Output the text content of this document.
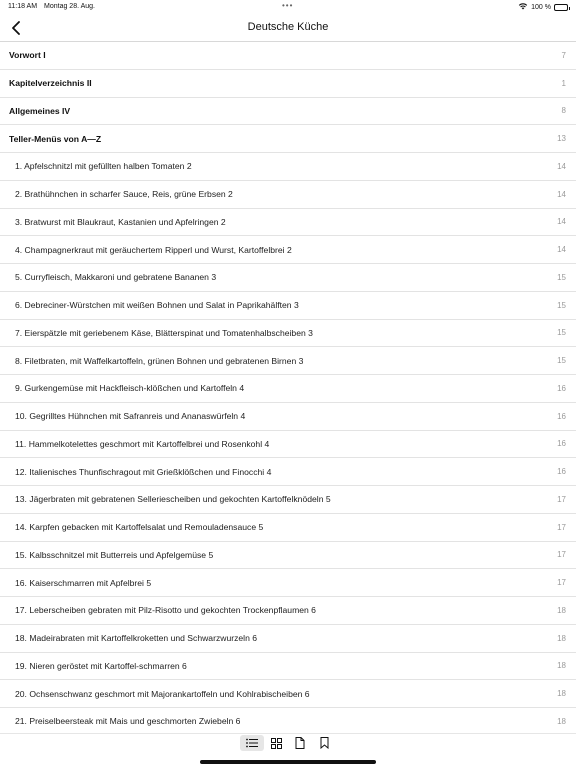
11:18 AM Montag 28. Aug.	•••	100 %
Deutsche Küche
Vorwort I	7
Kapitelverzeichnis II	1
Allgemeines IV	8
Teller-Menüs von A—Z	13
1. Apfelschnitzl mit gefüllten halben Tomaten 2	14
2. Brathühnchen in scharfer Sauce, Reis, grüne Erbsen 2	14
3. Bratwurst mit Blaukraut, Kastanien und Apfelringen 2	14
4. Champagnerkraut mit geräuchertem Ripperl und Wurst, Kartoffelbrei 2	14
5. Curryfleisch, Makkaroni und gebratene Bananen 3	15
6. Debreciner-Würstchen mit weißen Bohnen und Salat in Paprikahälften 3	15
7. Eierspätzle mit geriebenem Käse, Blätterspinat und Tomatenhalbscheiben 3	15
8. Filetbraten, mit Waffelkartoffeln, grünen Bohnen und gebratenen Birnen 3	15
9. Gurkengemüse mit Hackfleisch-klößchen und Kartoffeln 4	16
10. Gegrilltes Hühnchen mit Safranreis und Ananaswürfeln 4	16
11. Hammelkotelettes geschmort mit Kartoffelbrei und Rosenkohl 4	16
12. Italienisches Thunfischragout mit Grießklößchen und Finocchi 4	16
13. Jägerbraten mit gebratenen Selleriescheiben und gekochten Kartoffelknödeln 5	17
14. Karpfen gebacken mit Kartoffelsalat und Remouladensauce 5	17
15. Kalbsschnitzel mit Butterreis und Apfelgemüse 5	17
16. Kaiserschmarren mit Apfelbrei 5	17
17. Leberscheiben gebraten mit Pilz-Risotto und gekochten Trockenpflaumen 6	18
18. Madeirabraten mit Kartoffelkroketten und Schwarzwurzeln 6	18
19. Nieren geröstet mit Kartoffel-schmarren 6	18
20. Ochsenschwanz geschmort mit Majorankartoffeln und Kohlrabischeiben 6	18
21. Preiselbeersteak mit Mais und geschmorten Zwiebeln 6	18
